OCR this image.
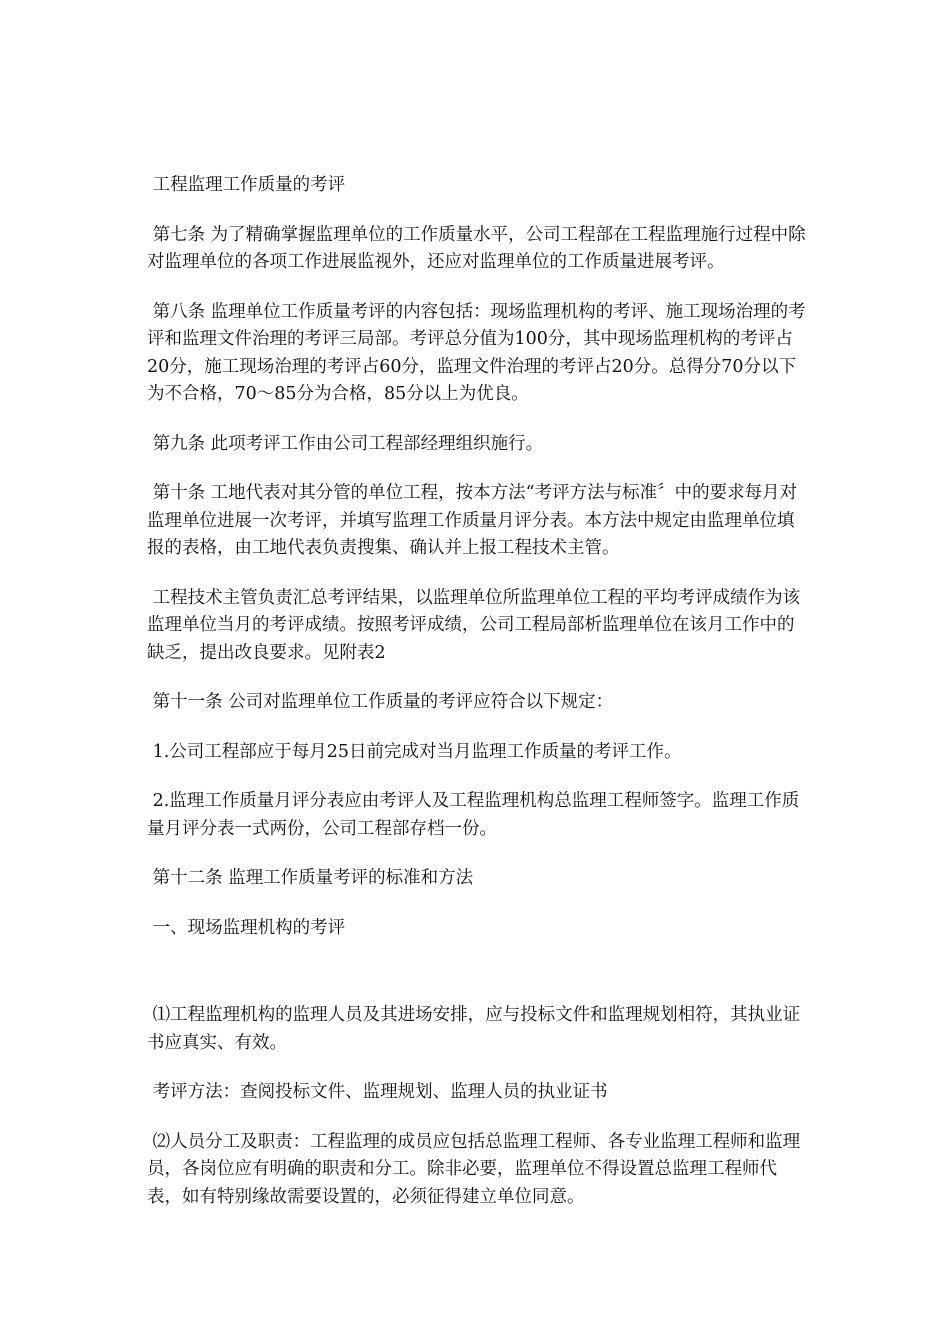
工程监理工作质量的考评

第七条 为了精确掌握监理单位的工作质量水平，公司工程部在工程监理施行过程中除对监理单位的各项工作进展监视外，还应对监理单位的工作质量进展考评。

第八条 监理单位工作质量考评的内容包括：现场监理机构的考评、施工现场治理的考评和监理文件治理的考评三局部。考评总分值为100分，其中现场监理机构的考评占20分，施工现场治理的考评占60分，监理文件治理的考评占20分。总得分70分以下为不合格，70～85分为合格，85分以上为优良。

第九条 此项考评工作由公司工程部经理组织施行。

第十条 工地代表对其分管的单位工程，按本方法“考评方法与标准〞中的要求每月对监理单位进展一次考评，并填写监理工作质量月评分表。本方法中规定由监理单位填报的表格，由工地代表负责搜集、确认并上报工程技术主管。

工程技术主管负责汇总考评结果，以监理单位所监理单位工程的平均考评成绩作为该监理单位当月的考评成绩。按照考评成绩，公司工程局部析监理单位在该月工作中的缺乏，提出改良要求。见附表2

第十一条 公司对监理单位工作质量的考评应符合以下规定：

1.公司工程部应于每月25日前完成对当月监理工作质量的考评工作。

2.监理工作质量月评分表应由考评人及工程监理机构总监理工程师签字。监理工作质量月评分表一式两份，公司工程部存档一份。

第十二条 监理工作质量考评的标准和方法

一、现场监理机构的考评

⑴工程监理机构的监理人员及其进场安排，应与投标文件和监理规划相符，其执业证书应真实、有效。

考评方法：查阅投标文件、监理规划、监理人员的执业证书

⑵人员分工及职责：工程监理的成员应包括总监理工程师、各专业监理工程师和监理员，各岗位应有明确的职责和分工。除非必要，监理单位不得设置总监理工程师代表，如有特别缘故需要设置的，必须征得建立单位同意。
